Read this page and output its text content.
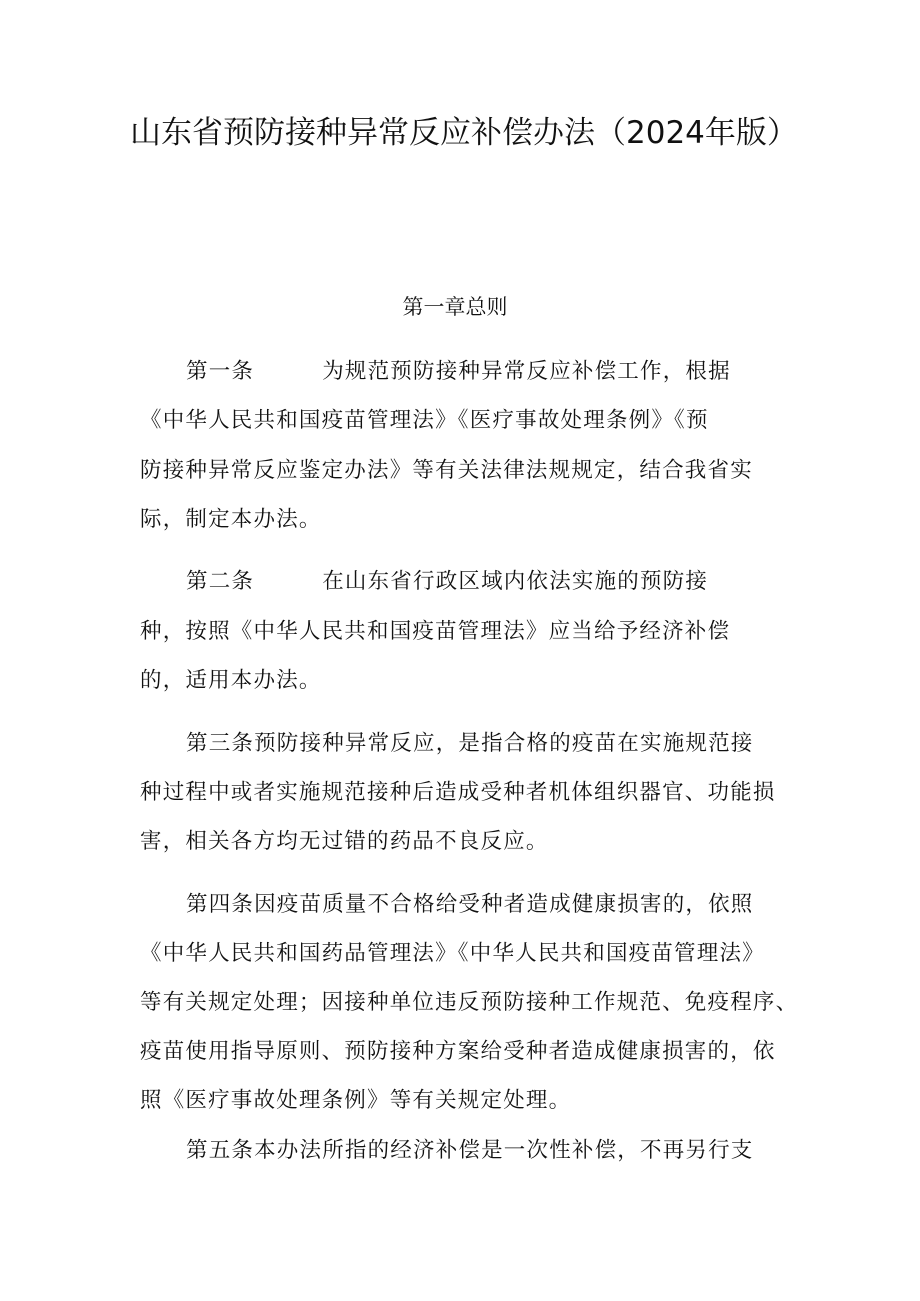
山东省预防接种异常反应补偿办法（2024年版）
第一章总则
第一条　　　为规范预防接种异常反应补偿工作，根据
《中华人民共和国疫苗管理法》《医疗事故处理条例》《预
防接种异常反应鉴定办法》等有关法律法规规定，结合我省实
际，制定本办法。
第二条　　　在山东省行政区域内依法实施的预防接
种，按照《中华人民共和国疫苗管理法》应当给予经济补偿
的，适用本办法。
第三条预防接种异常反应，是指合格的疫苗在实施规范接
种过程中或者实施规范接种后造成受种者机体组织器官、功能损
害，相关各方均无过错的药品不良反应。
第四条因疫苗质量不合格给受种者造成健康损害的，依照
《中华人民共和国药品管理法》《中华人民共和国疫苗管理法》
等有关规定处理；因接种单位违反预防接种工作规范、免疫程序、
疫苗使用指导原则、预防接种方案给受种者造成健康损害的，依
照《医疗事故处理条例》等有关规定处理。
第五条本办法所指的经济补偿是一次性补偿，不再另行支
